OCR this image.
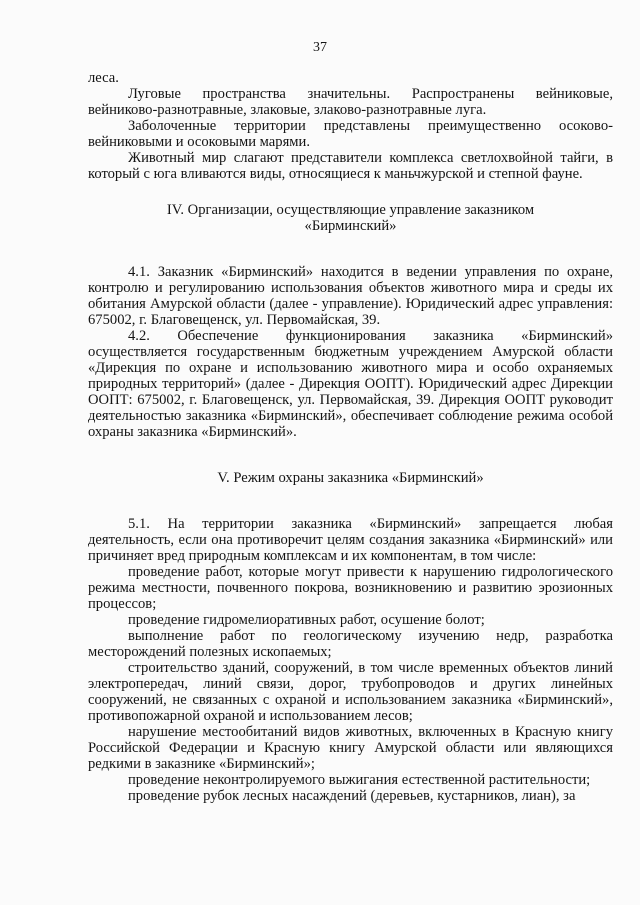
37

леса.

Луговые пространства значительны. Распространены вейниковые, вейниково-разнотравные, злаковые, злаково-разнотравные луга.

Заболоченные территории представлены преимущественно осоково-вейниковыми и осоковыми марями.

Животный мир слагают представители комплекса светлохвойной тайги, в который с юга вливаются виды, относящиеся к маньчжурской и степной фауне.

IV. Организации, осуществляющие управление заказником

«Бирминский»

4.1. Заказник «Бирминский» находится в ведении управления по охране, контролю и регулированию использования объектов животного мира и среды их обитания Амурской области (далее - управление). Юридический адрес управления: 675002, г. Благовещенск, ул. Первомайская, 39.

4.2. Обеспечение функционирования заказника «Бирминский» осуществляется государственным бюджетным учреждением Амурской области «Дирекция по охране и использованию животного мира и особо охраняемых природных территорий» (далее - Дирекция ООПТ). Юридический адрес Дирекции ООПТ: 675002, г. Благовещенск, ул. Первомайская, 39. Дирекция ООПТ руководит деятельностью заказника «Бирминский», обеспечивает соблюдение режима особой охраны заказника «Бирминский».

V. Режим охраны заказника «Бирминский»

5.1. На территории заказника «Бирминский» запрещается любая деятельность, если она противоречит целям создания заказника «Бирминский» или причиняет вред природным комплексам и их компонентам, в том числе:

проведение работ, которые могут привести к нарушению гидрологического режима местности, почвенного покрова, возникновению и развитию эрозионных процессов;

проведение гидромелиоративных работ, осушение болот;

выполнение работ по геологическому изучению недр, разработка месторождений полезных ископаемых;

строительство зданий, сооружений, в том числе временных объектов линий электропередач, линий связи, дорог, трубопроводов и других линейных сооружений, не связанных с охраной и использованием заказника «Бирминский», противопожарной охраной и использованием лесов;

нарушение местообитаний видов животных, включенных в Красную книгу Российской Федерации и Красную книгу Амурской области или являющихся редкими в заказнике «Бирминский»;

проведение неконтролируемого выжигания естественной растительности;

проведение рубок лесных насаждений (деревьев, кустарников, лиан), за
